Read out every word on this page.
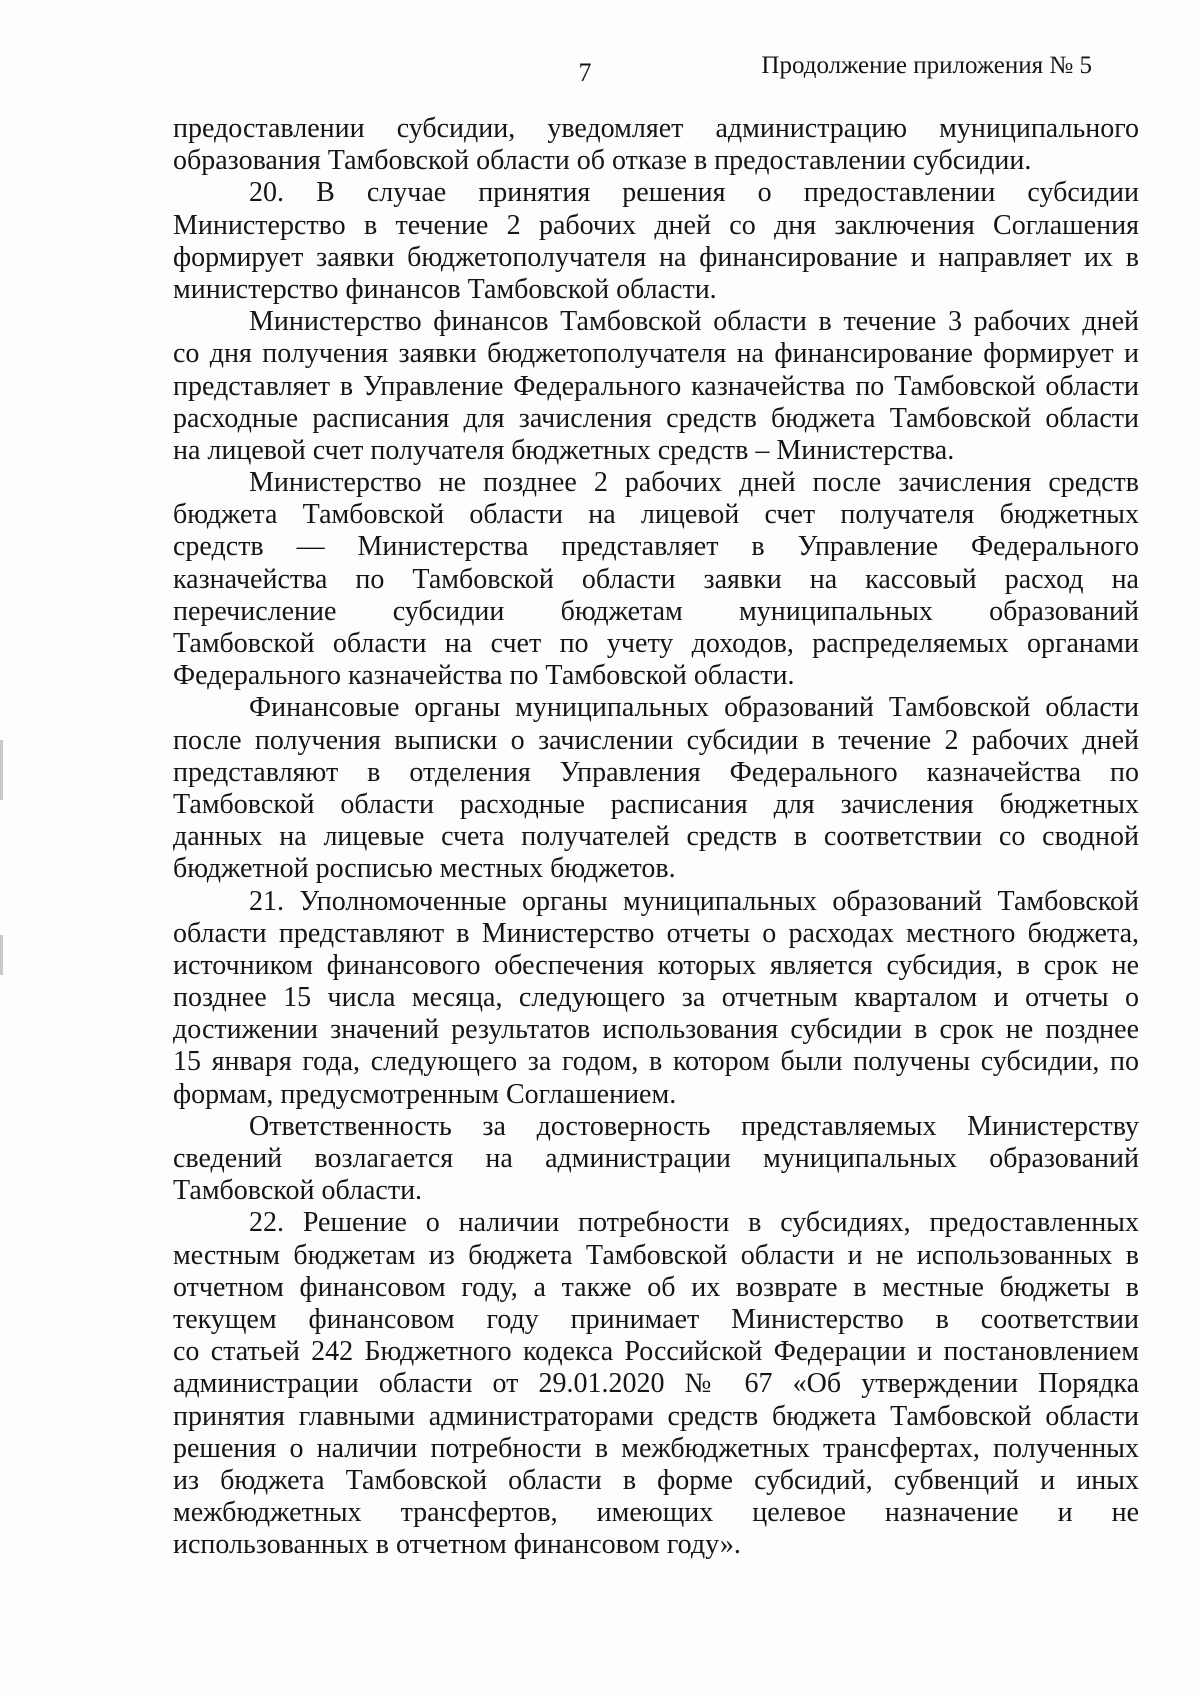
7	Продолжение приложения № 5
предоставлении субсидии, уведомляет администрацию муниципального
образования Тамбовской области об отказе в предоставлении субсидии.
20. В случае принятия решения о предоставлении субсидии
Министерство в течение 2 рабочих дней со дня заключения Соглашения
формирует заявки бюджетополучателя на финансирование и направляет их в
министерство финансов Тамбовской области.
Министерство финансов Тамбовской области в течение 3 рабочих дней
со дня получения заявки бюджетополучателя на финансирование формирует и
представляет в Управление Федерального казначейства по Тамбовской области
расходные расписания для зачисления средств бюджета Тамбовской области
на лицевой счет получателя бюджетных средств – Министерства.
Министерство не позднее 2 рабочих дней после зачисления средств
бюджета Тамбовской области на лицевой счет получателя бюджетных
средств — Министерства представляет в Управление Федерального
казначейства по Тамбовской области заявки на кассовый расход на
перечисление субсидии бюджетам муниципальных образований
Тамбовской области на счет по учету доходов, распределяемых органами
Федерального казначейства по Тамбовской области.
Финансовые органы муниципальных образований Тамбовской области
после получения выписки о зачислении субсидии в течение 2 рабочих дней
представляют в отделения Управления Федерального казначейства по
Тамбовской области расходные расписания для зачисления бюджетных
данных на лицевые счета получателей средств в соответствии со сводной
бюджетной росписью местных бюджетов.
21. Уполномоченные органы муниципальных образований Тамбовской
области представляют в Министерство отчеты о расходах местного бюджета,
источником финансового обеспечения которых является субсидия, в срок не
позднее 15 числа месяца, следующего за отчетным кварталом и отчеты о
достижении значений результатов использования субсидии в срок не позднее
15 января года, следующего за годом, в котором были получены субсидии, по
формам, предусмотренным Соглашением.
Ответственность за достоверность представляемых Министерству
сведений возлагается на администрации муниципальных образований
Тамбовской области.
22. Решение о наличии потребности в субсидиях, предоставленных
местным бюджетам из бюджета Тамбовской области и не использованных в
отчетном финансовом году, а также об их возврате в местные бюджеты в
текущем финансовом году принимает Министерство в соответствии
со статьей 242 Бюджетного кодекса Российской Федерации и постановлением
администрации области от 29.01.2020 № 67 «Об утверждении Порядка
принятия главными администраторами средств бюджета Тамбовской области
решения о наличии потребности в межбюджетных трансфертах, полученных
из бюджета Тамбовской области в форме субсидий, субвенций и иных
межбюджетных трансфертов, имеющих целевое назначение и не
использованных в отчетном финансовом году».
